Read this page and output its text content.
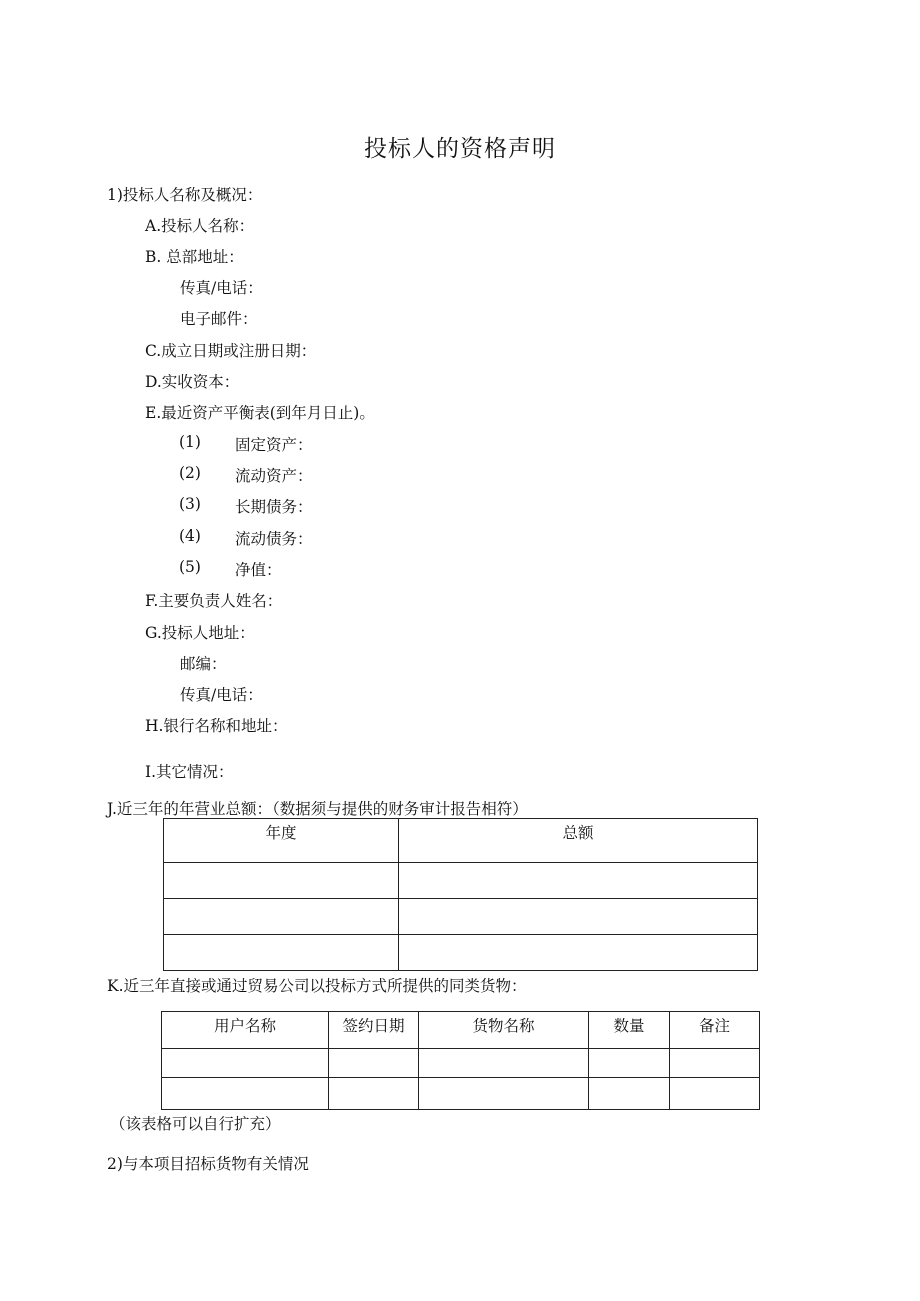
投标人的资格声明
1)投标人名称及概况：
A.投标人名称：
B. 总部地址：
传真/电话：
电子邮件：
C.成立日期或注册日期：
D.实收资本：
E.最近资产平衡表(到年月日止)。
(1) 固定资产：
(2) 流动资产：
(3) 长期债务：
(4) 流动债务：
(5) 净值：
F.主要负责人姓名：
G.投标人地址：
邮编：
传真/电话：
H.银行名称和地址：
I.其它情况：
J.近三年的年营业总额：（数据须与提供的财务审计报告相符）
年度	总额

K.近三年直接或通过贸易公司以投标方式所提供的同类货物：
用户名称	签约日期	货物名称	数量	备注

（该表格可以自行扩充）
2)与本项目招标货物有关情况
